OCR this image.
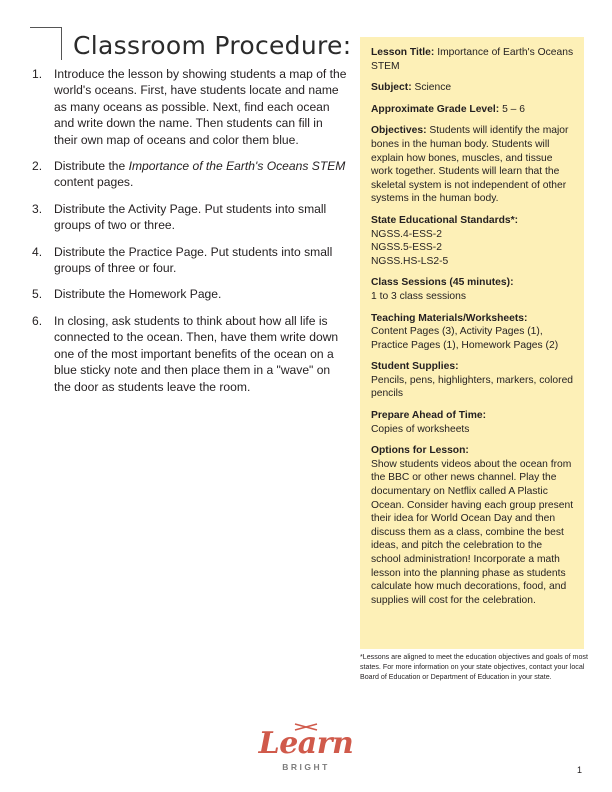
Classroom Procedure:
1. Introduce the lesson by showing students a map of the world's oceans. First, have students locate and name as many oceans as possible. Next, find each ocean and write down the name. Then students can fill in their own map of oceans and color them blue.
2. Distribute the Importance of the Earth's Oceans STEM content pages.
3. Distribute the Activity Page. Put students into small groups of two or three.
4. Distribute the Practice Page. Put students into small groups of three or four.
5. Distribute the Homework Page.
6. In closing, ask students to think about how all life is connected to the ocean. Then, have them write down one of the most important benefits of the ocean on a blue sticky note and then place them in a "wave" on the door as students leave the room.
Lesson Title: Importance of Earth's Oceans STEM
Subject: Science
Approximate Grade Level: 5 – 6
Objectives: Students will identify the major bones in the human body. Students will explain how bones, muscles, and tissue work together. Students will learn that the skeletal system is not independent of other systems in the human body.
State Educational Standards*:
NGSS.4-ESS-2
NGSS.5-ESS-2
NGSS.HS-LS2-5
Class Sessions (45 minutes):
1 to 3 class sessions
Teaching Materials/Worksheets:
Content Pages (3), Activity Pages (1), Practice Pages (1), Homework Pages (2)
Student Supplies:
Pencils, pens, highlighters, markers, colored pencils
Prepare Ahead of Time:
Copies of worksheets
Options for Lesson:
Show students videos about the ocean from the BBC or other news channel. Play the documentary on Netflix called A Plastic Ocean. Consider having each group present their idea for World Ocean Day and then discuss them as a class, combine the best ideas, and pitch the celebration to the school administration! Incorporate a math lesson into the planning phase as students calculate how much decorations, food, and supplies will cost for the celebration.
*Lessons are aligned to meet the education objectives and goals of most states. For more information on your state objectives, contact your local Board of Education or Department of Education in your state.
Learn
BRIGHT	1
